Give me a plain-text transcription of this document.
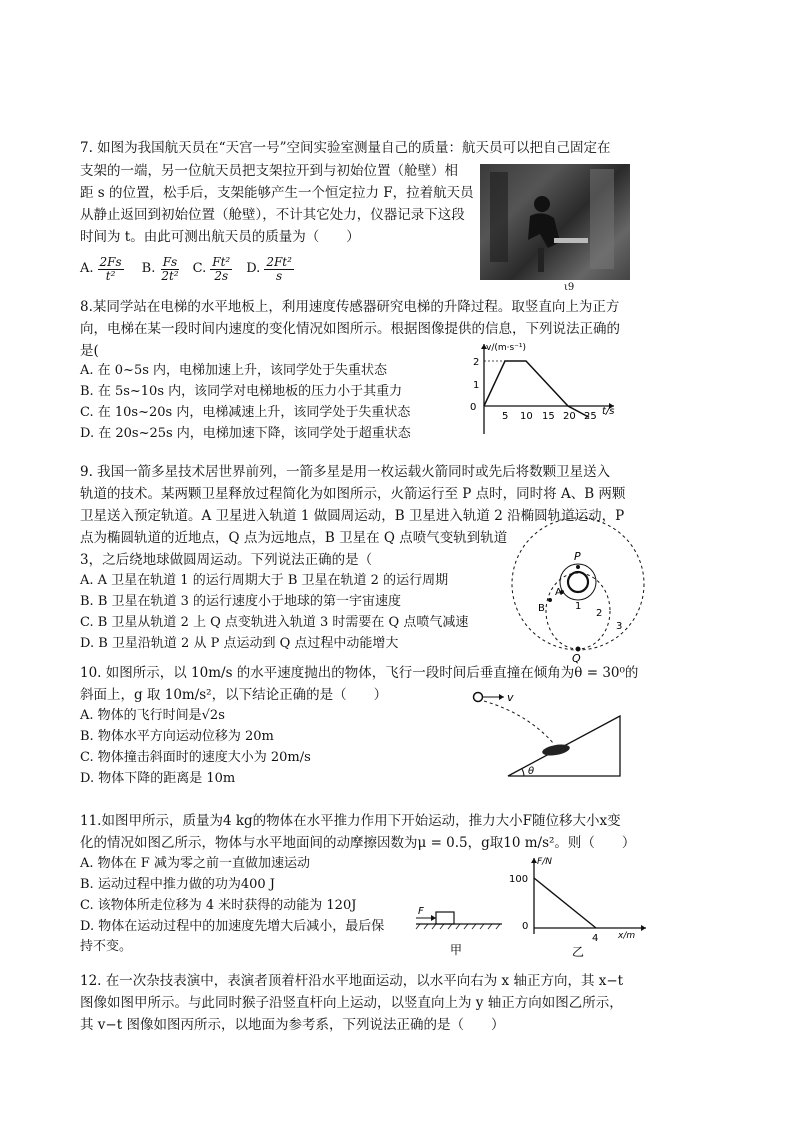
7. 如图为我国航天员在“天宫一号”空间实验室测量自己的质量：航天员可以把自己固定在
支架的一端，另一位航天员把支架拉开到与初始位置（舱壁）相
距 s 的位置，松手后，支架能够产生一个恒定拉力 F，拉着航天员
从静止返回到初始位置（舱壁），不计其它处力，仪器记录下这段
时间为 t。由此可测出航天员的质量为（　　）
ι9
A. $\frac{2Fs}{\text{t²}} B$. $\frac{Fs}{\text{2t²}} C$. $\frac{\text{Ft²}}{2s} D$. $\frac{\text{2Ft²}}{s}$
8.某同学站在电梯的水平地板上，利用速度传感器研究电梯的升降过程。取竖直向上为正方
向，电梯在某一段时间内速度的变化情况如图所示。根据图像提供的信息，下列说法正确的
是(
A. 在 0~5s 内，电梯加速上升，该同学处于失重状态
B. 在 5s~10s 内，该同学对电梯地板的压力小于其重力
C. 在 10s~20s 内，电梯减速上升，该同学处于失重状态
D. 在 20s~25s 内，电梯加速下降，该同学处于超重状态
v/(m·s⁻¹)
2
1
0
5 10 15 20 25 t/s
9. 我国一箭多星技术居世界前列，一箭多星是用一枚运载火箭同时或先后将数颗卫星送入
轨道的技术。某两颗卫星释放过程简化为如图所示，火箭运行至 P 点时，同时将 A、B 两颗
卫星送入预定轨道。A 卫星进入轨道 1 做圆周运动，B 卫星进入轨道 2 沿椭圆轨道运动，P
点为椭圆轨道的近地点，Q 点为远地点，B 卫星在 Q 点喷气变轨到轨道
3，之后绕地球做圆周运动。下列说法正确的是（
A. A 卫星在轨道 1 的运行周期大于 B 卫星在轨道 2 的运行周期
B. B 卫星在轨道 3 的运行速度小于地球的第一宇宙速度
C. B 卫星从轨道 2 上 Q 点变轨进入轨道 3 时需要在 Q 点喷气减速
D. B 卫星沿轨道 2 从 P 点运动到 Q 点过程中动能增大
P
A
B	1
2
3
Q
10. 如图所示，以 10m/s 的水平速度抛出的物体，飞行一段时间后垂直撞在倾角为θ = 30⁰的
斜面上，g 取 10m/s²，以下结论正确的是（　　）
A. 物体的飞行时间是√2s
B. 物体水平方向运动位移为 20m
C. 物体撞击斜面时的速度大小为 20m/s
D. 物体下降的距离是 10m
v
θ
11.如图甲所示，质量为4 kg的物体在水平推力作用下开始运动，推力大小F随位移大小x变
化的情况如图乙所示，物体与水平地面间的动摩擦因数为μ = 0.5，g取10 m/s²。则（　　）
A. 物体在 F 减为零之前一直做加速运动
B. 运动过程中推力做的功为400 J
C. 该物体所走位移为 4 米时获得的动能为 120J
D. 物体在运动过程中的加速度先增大后减小，最后保
持不变。
F
甲
F/N
100
0
4 x/m
乙
12. 在一次杂技表演中，表演者顶着杆沿水平地面运动，以水平向右为 x 轴正方向，其 x−t
图像如图甲所示。与此同时猴子沿竖直杆向上运动，以竖直向上为 y 轴正方向如图乙所示，
其 v−t 图像如图丙所示，以地面为参考系，下列说法正确的是（　　）
